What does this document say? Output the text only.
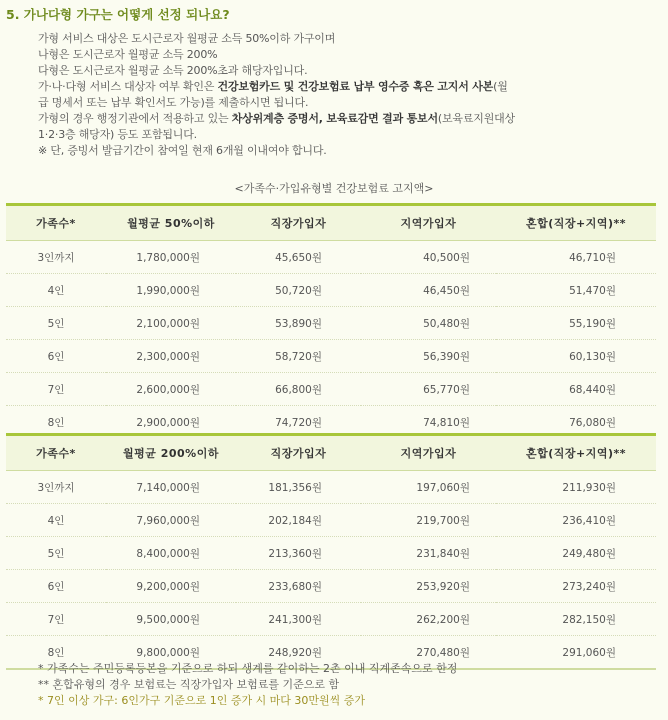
5. 가나다형 가구는 어떻게 선정 되나요?
가형 서비스 대상은 도시근로자 월평균 소득 50%이하 가구이며
나형은 도시근로자 월평균 소득 200%
다형은 도시근로자 월평균 소득 200%초과 해당자입니다.
가·나·다형 서비스 대상자 여부 확인은 건강보험카드 및 건강보험료 납부 영수증 혹은 고지서 사본(월
급 명세서 또는 납부 확인서도 가능)를 제출하시면 됩니다.
가형의 경우 행정기관에서 적용하고 있는 차상위계층 증명서, 보육료감면 결과 통보서(보육료지원대상
1·2·3층 해당자) 등도 포함됩니다.
※ 단, 증빙서 발급기간이 참여일 현재 6개월 이내여야 합니다.
<가족수·가입유형별 건강보험료 고지액>
가족수*	월평균 50%이하	직장가입자	지역가입자	혼합(직장+지역)**
3인까지	1,780,000원	45,650원	40,500원	46,710원
4인	1,990,000원	50,720원	46,450원	51,470원
5인	2,100,000원	53,890원	50,480원	55,190원
6인	2,300,000원	58,720원	56,390원	60,130원
7인	2,600,000원	66,800원	65,770원	68,440원
8인	2,900,000원	74,720원	74,810원	76,080원
가족수*	월평균 200%이하	직장가입자	지역가입자	혼합(직장+지역)**
3인까지	7,140,000원	181,356원	197,060원	211,930원
4인	7,960,000원	202,184원	219,700원	236,410원
5인	8,400,000원	213,360원	231,840원	249,480원
6인	9,200,000원	233,680원	253,920원	273,240원
7인	9,500,000원	241,300원	262,200원	282,150원
8인	9,800,000원	248,920원	270,480원	291,060원
* 가족수는 주민등록등본을 기준으로 하되 생계를 같이하는 2촌 이내 직계존속으로 한정
** 혼합유형의 경우 보험료는 직장가입자 보험료를 기준으로 함
* 7인 이상 가구: 6인가구 기준으로 1인 증가 시 마다 30만원씩 증가
